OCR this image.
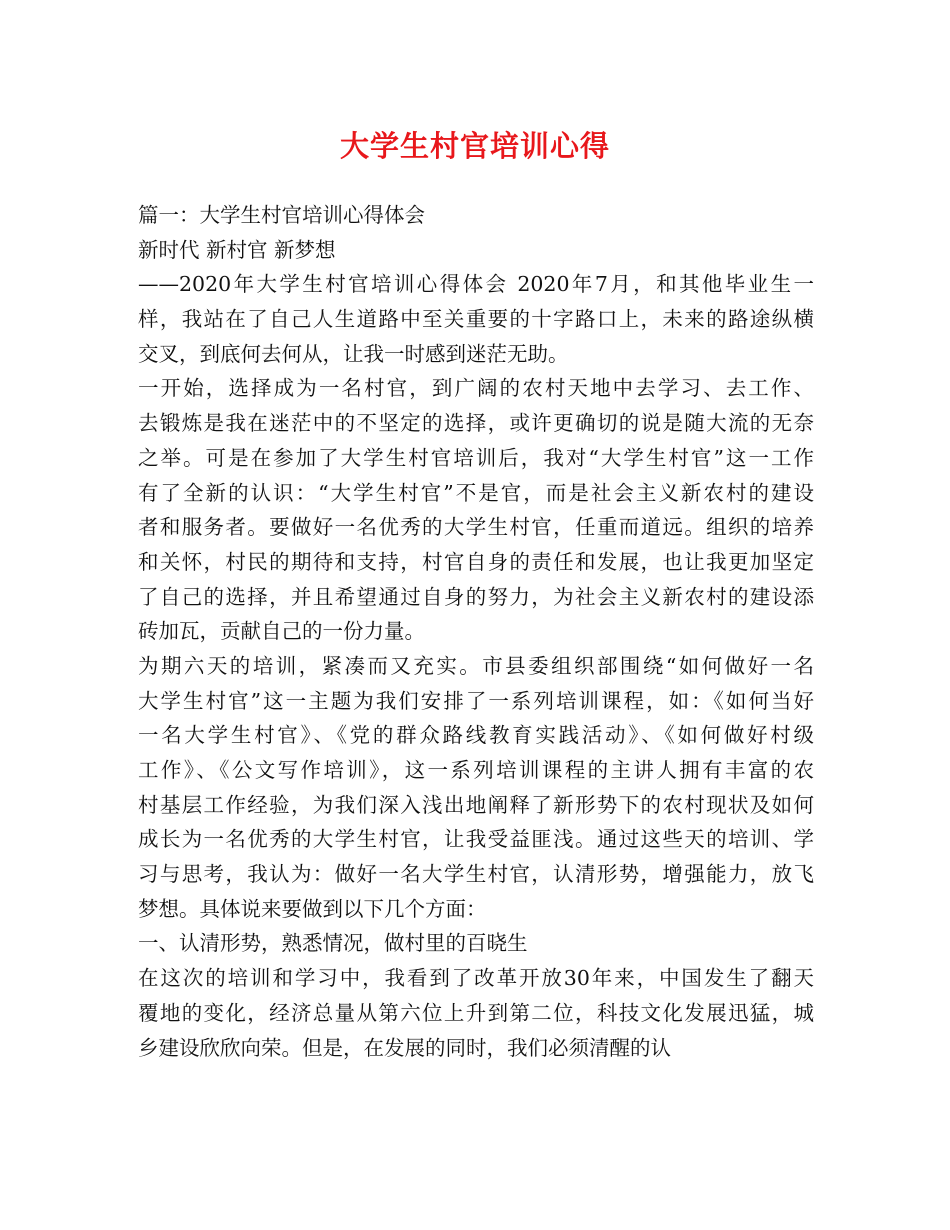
大学生村官培训心得
篇一：大学生村官培训心得体会
新时代 新村官 新梦想
——2020年大学生村官培训心得体会 2020年7月，和其他毕业生一
样，我站在了自己人生道路中至关重要的十字路口上，未来的路途纵横
交叉，到底何去何从，让我一时感到迷茫无助。
一开始，选择成为一名村官，到广阔的农村天地中去学习、去工作、
去锻炼是我在迷茫中的不坚定的选择，或许更确切的说是随大流的无奈
之举。可是在参加了大学生村官培训后，我对“大学生村官”这一工作
有了全新的认识：“大学生村官”不是官，而是社会主义新农村的建设
者和服务者。要做好一名优秀的大学生村官，任重而道远。组织的培养
和关怀，村民的期待和支持，村官自身的责任和发展，也让我更加坚定
了自己的选择，并且希望通过自身的努力，为社会主义新农村的建设添
砖加瓦，贡献自己的一份力量。
为期六天的培训，紧凑而又充实。市县委组织部围绕“如何做好一名
大学生村官”这一主题为我们安排了一系列培训课程，如：《如何当好
一名大学生村官》、《党的群众路线教育实践活动》、《如何做好村级
工作》、《公文写作培训》，这一系列培训课程的主讲人拥有丰富的农
村基层工作经验，为我们深入浅出地阐释了新形势下的农村现状及如何
成长为一名优秀的大学生村官，让我受益匪浅。通过这些天的培训、学
习与思考，我认为：做好一名大学生村官，认清形势，增强能力，放飞
梦想。具体说来要做到以下几个方面：
一、认清形势，熟悉情况，做村里的百晓生
在这次的培训和学习中，我看到了改革开放30年来，中国发生了翻天
覆地的变化，经济总量从第六位上升到第二位，科技文化发展迅猛，城
乡建设欣欣向荣。但是，在发展的同时，我们必须清醒的认
